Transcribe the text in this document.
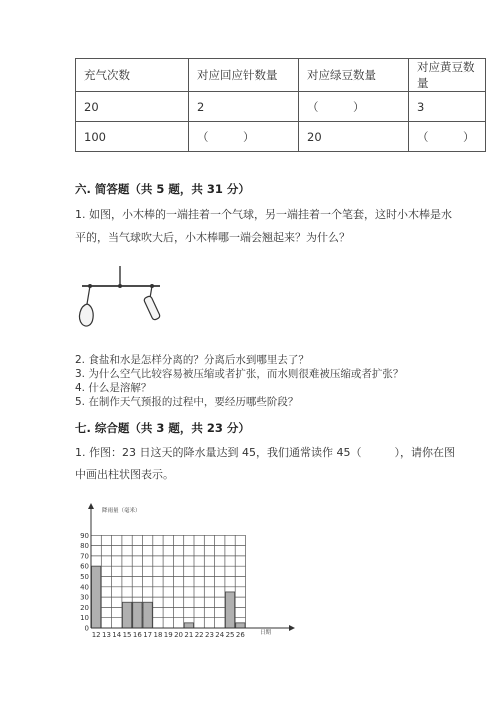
充气次数	对应回应针数量	对应绿豆数量	对应黄豆数量
20	2	（　　　）	3
100	（　　　）	20	（　　　）
六. 简答题（共 5 题，共 31 分）
1. 如图，小木棒的一端挂着一个气球，另一端挂着一个笔套，这时小木棒是水
平的，当气球吹大后，小木棒哪一端会翘起来？为什么？
2. 食盐和水是怎样分离的？分离后水到哪里去了？
3. 为什么空气比较容易被压缩或者扩张，而水则很难被压缩或者扩张？
4. 什么是溶解？
5. 在制作天气预报的过程中，要经历哪些阶段？
七. 综合题（共 3 题，共 23 分）
1. 作图：23 日这天的降水量达到 45，我们通常读作 45（　　　），请你在图
中画出柱状图表示。
降雨量（毫米）
0
10
20
30
40
50
60
70
80
90
12 13 14 15 16 17 18 19 20 21 22 23 24 25 26	日期
